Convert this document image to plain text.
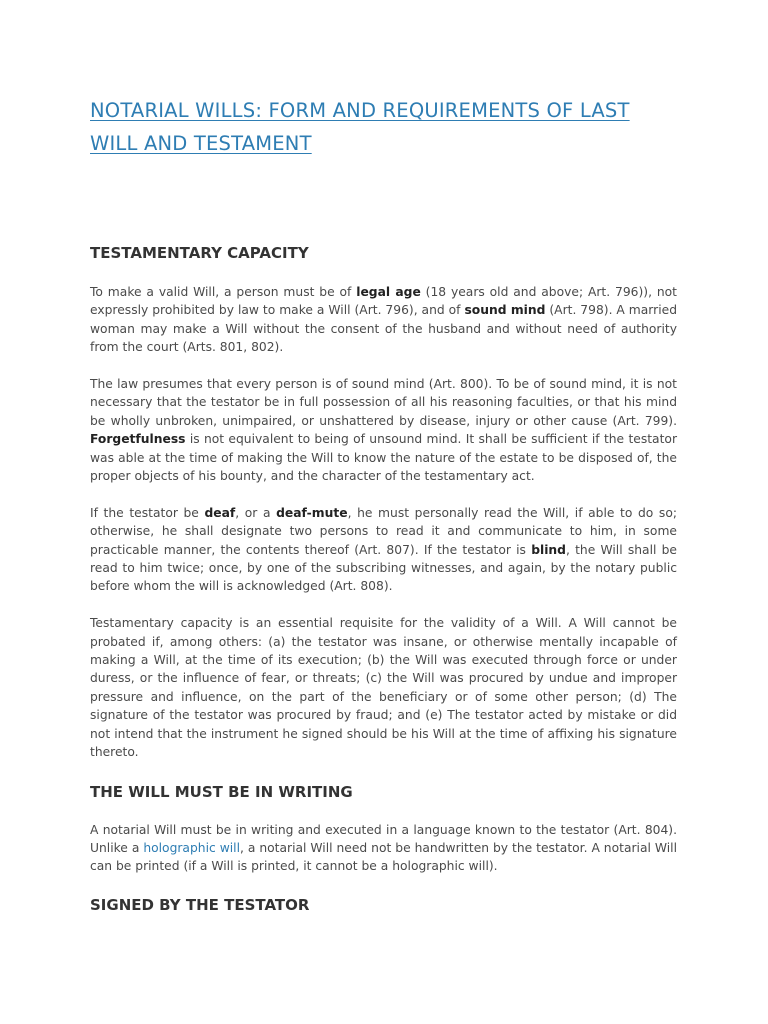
NOTARIAL WILLS: FORM AND REQUIREMENTS OF LAST WILL AND TESTAMENT
TESTAMENTARY CAPACITY

To make a valid Will, a person must be of legal age (18 years old and above; Art. 796)), not expressly prohibited by law to make a Will (Art. 796), and of sound mind (Art. 798). A married woman may make a Will without the consent of the husband and without need of authority from the court (Arts. 801, 802).

The law presumes that every person is of sound mind (Art. 800). To be of sound mind, it is not necessary that the testator be in full possession of all his reasoning faculties, or that his mind be wholly unbroken, unimpaired, or unshattered by disease, injury or other cause (Art. 799). Forgetfulness is not equivalent to being of unsound mind. It shall be sufficient if the testator was able at the time of making the Will to know the nature of the estate to be disposed of, the proper objects of his bounty, and the character of the testamentary act.

If the testator be deaf, or a deaf-mute, he must personally read the Will, if able to do so; otherwise, he shall designate two persons to read it and communicate to him, in some practicable manner, the contents thereof (Art. 807). If the testator is blind, the Will shall be read to him twice; once, by one of the subscribing witnesses, and again, by the notary public before whom the will is acknowledged (Art. 808).

Testamentary capacity is an essential requisite for the validity of a Will. A Will cannot be probated if, among others: (a) the testator was insane, or otherwise mentally incapable of making a Will, at the time of its execution; (b) the Will was executed through force or under duress, or the influence of fear, or threats; (c) the Will was procured by undue and improper pressure and influence, on the part of the beneficiary or of some other person; (d) The signature of the testator was procured by fraud; and (e) The testator acted by mistake or did not intend that the instrument he signed should be his Will at the time of affixing his signature thereto.

THE WILL MUST BE IN WRITING

A notarial Will must be in writing and executed in a language known to the testator (Art. 804). Unlike a holographic will, a notarial Will need not be handwritten by the testator. A notarial Will can be printed (if a Will is printed, it cannot be a holographic will).

SIGNED BY THE TESTATOR
